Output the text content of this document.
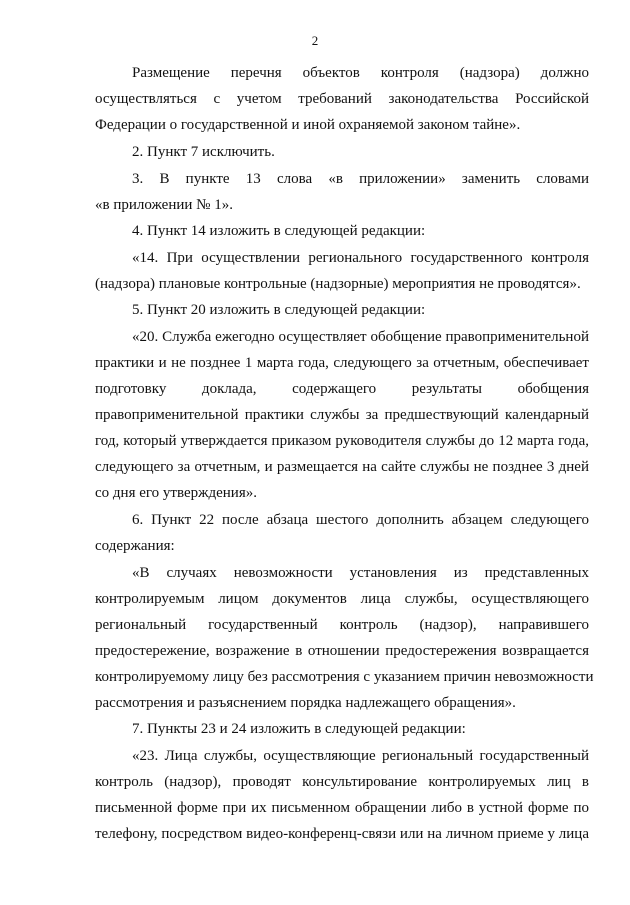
2
Размещение перечня объектов контроля (надзора) должно
осуществляться с учетом требований законодательства Российской
Федерации о государственной и иной охраняемой законом тайне».
2. Пункт 7 исключить.
3. В пункте 13 слова «в приложении» заменить словами
«в приложении № 1».
4. Пункт 14 изложить в следующей редакции:
«14. При осуществлении регионального государственного контроля
(надзора) плановые контрольные (надзорные) мероприятия не проводятся».
5. Пункт 20 изложить в следующей редакции:
«20. Служба ежегодно осуществляет обобщение правоприменительной
практики и не позднее 1 марта года, следующего за отчетным, обеспечивает
подготовку доклада, содержащего результаты обобщения
правоприменительной практики службы за предшествующий календарный
год, который утверждается приказом руководителя службы до 12 марта года,
следующего за отчетным, и размещается на сайте службы не позднее 3 дней
со дня его утверждения».
6. Пункт 22 после абзаца шестого дополнить абзацем следующего
содержания:
«В случаях невозможности установления из представленных
контролируемым лицом документов лица службы, осуществляющего
региональный государственный контроль (надзор), направившего
предостережение, возражение в отношении предостережения возвращается
контролируемому лицу без рассмотрения с указанием причин невозможности
рассмотрения и разъяснением порядка надлежащего обращения».
7. Пункты 23 и 24 изложить в следующей редакции:
«23. Лица службы, осуществляющие региональный государственный
контроль (надзор), проводят консультирование контролируемых лиц в
письменной форме при их письменном обращении либо в устной форме по
телефону, посредством видео-конференц-связи или на личном приеме у лица
